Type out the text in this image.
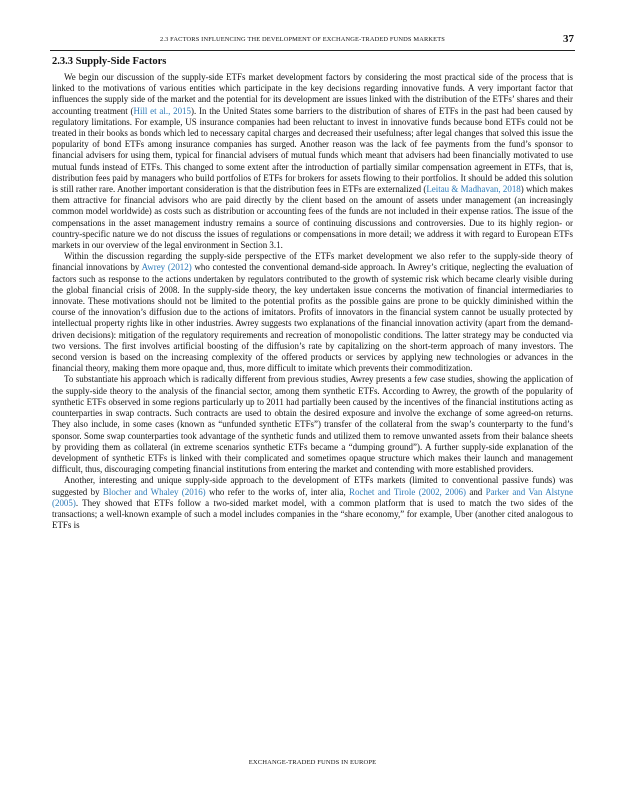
2.3 FACTORS INFLUENCING THE DEVELOPMENT OF EXCHANGE-TRADED FUNDS MARKETS	37
2.3.3 Supply-Side Factors

We begin our discussion of the supply-side ETFs market development factors by considering the most practical side of the process that is linked to the motivations of various entities which participate in the key decisions regarding innovative funds. A very important factor that influences the supply side of the market and the potential for its development are issues linked with the distribution of the ETFs’ shares and their accounting treatment (Hill et al., 2015). In the United States some barriers to the distribution of shares of ETFs in the past had been caused by regulatory limitations. For example, US insurance companies had been reluctant to invest in innovative funds because bond ETFs could not be treated in their books as bonds which led to necessary capital charges and decreased their usefulness; after legal changes that solved this issue the popularity of bond ETFs among insurance companies has surged. Another reason was the lack of fee payments from the fund’s sponsor to financial advisers for using them, typical for financial advisers of mutual funds which meant that advisers had been financially motivated to use mutual funds instead of ETFs. This changed to some extent after the introduction of partially similar compensation agreement in ETFs, that is, distribution fees paid by managers who build portfolios of ETFs for brokers for assets flowing to their portfolios. It should be added this solution is still rather rare. Another important consideration is that the distribution fees in ETFs are externalized (Leitau & Madhavan, 2018) which makes them attractive for financial advisors who are paid directly by the client based on the amount of assets under management (an increasingly common model worldwide) as costs such as distribution or accounting fees of the funds are not included in their expense ratios. The issue of the compensations in the asset management industry remains a source of continuing discussions and controversies. Due to its highly region- or country-specific nature we do not discuss the issues of regulations or compensations in more detail; we address it with regard to European ETFs markets in our overview of the legal environment in Section 3.1.

Within the discussion regarding the supply-side perspective of the ETFs market development we also refer to the supply-side theory of financial innovations by Awrey (2012) who contested the conventional demand-side approach. In Awrey’s critique, neglecting the evaluation of factors such as response to the actions undertaken by regulators contributed to the growth of systemic risk which became clearly visible during the global financial crisis of 2008. In the supply-side theory, the key undertaken issue concerns the motivation of financial intermediaries to innovate. These motivations should not be limited to the potential profits as the possible gains are prone to be quickly diminished within the course of the innovation’s diffusion due to the actions of imitators. Profits of innovators in the financial system cannot be usually protected by intellectual property rights like in other industries. Awrey suggests two explanations of the financial innovation activity (apart from the demand-driven decisions): mitigation of the regulatory requirements and recreation of monopolistic conditions. The latter strategy may be conducted via two versions. The first involves artificial boosting of the diffusion’s rate by capitalizing on the short-term approach of many investors. The second version is based on the increasing complexity of the offered products or services by applying new technologies or advances in the financial theory, making them more opaque and, thus, more difficult to imitate which prevents their commoditization.

To substantiate his approach which is radically different from previous studies, Awrey presents a few case studies, showing the application of the supply-side theory to the analysis of the financial sector, among them synthetic ETFs. According to Awrey, the growth of the popularity of synthetic ETFs observed in some regions particularly up to 2011 had partially been caused by the incentives of the financial institutions acting as counterparties in swap contracts. Such contracts are used to obtain the desired exposure and involve the exchange of some agreed-on returns. They also include, in some cases (known as “unfunded synthetic ETFs”) transfer of the collateral from the swap’s counterparty to the fund’s sponsor. Some swap counterparties took advantage of the synthetic funds and utilized them to remove unwanted assets from their balance sheets by providing them as collateral (in extreme scenarios synthetic ETFs became a “dumping ground”). A further supply-side explanation of the development of synthetic ETFs is linked with their complicated and sometimes opaque structure which makes their launch and management difficult, thus, discouraging competing financial institutions from entering the market and contending with more established providers.

Another, interesting and unique supply-side approach to the development of ETFs markets (limited to conventional passive funds) was suggested by Blocher and Whaley (2016) who refer to the works of, inter alia, Rochet and Tirole (2002, 2006) and Parker and Van Alstyne (2005). They showed that ETFs follow a two-sided market model, with a common platform that is used to match the two sides of the transactions; a well-known example of such a model includes companies in the “share economy,” for example, Uber (another cited analogous to ETFs is

EXCHANGE-TRADED FUNDS IN EUROPE
